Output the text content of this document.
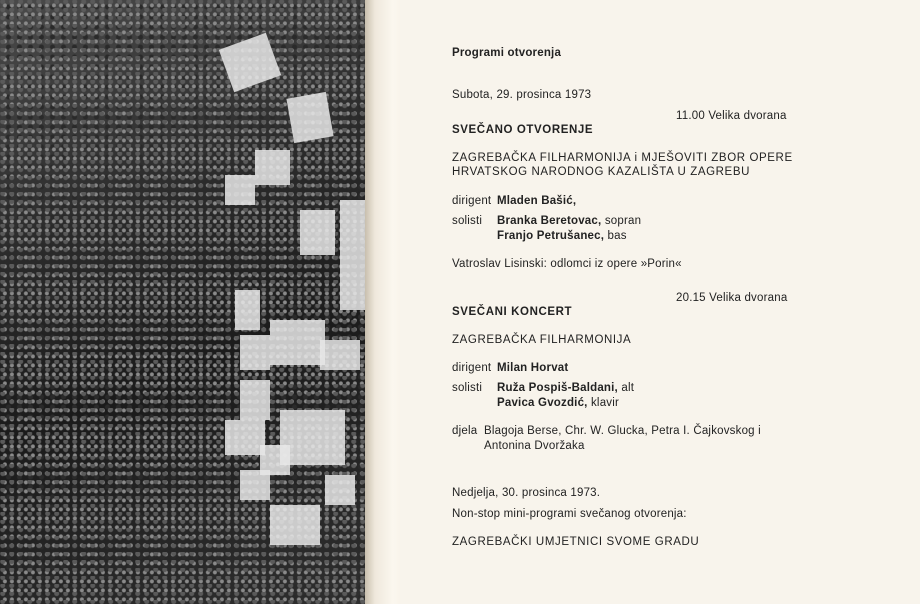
Programi otvorenja
Subota, 29. prosinca 1973
11.00 Velika dvorana
SVEČANO OTVORENJE
ZAGREBAČKA FILHARMONIJA i MJEŠOVITI ZBOR OPERE
HRVATSKOG NARODNOG KAZALIŠTA U ZAGREBU
dirigent Mladen Bašić,
solisti Branka Beretovac, sopran
Franjo Petrušanec, bas
Vatroslav Lisinski: odlomci iz opere »Porin«
20.15 Velika dvorana
SVEČANI KONCERT
ZAGREBAČKA FILHARMONIJA
dirigent Milan Horvat
solisti Ruža Pospiš-Baldani, alt
Pavica Gvozdić, klavir
djela Blagoja Berse, Chr. W. Glucka, Petra I. Čajkovskog i
Antonina Dvoržaka
Nedjelja, 30. prosinca 1973.
Non-stop mini-programi svečanog otvorenja:
ZAGREBAČKI UMJETNICI SVOME GRADU
